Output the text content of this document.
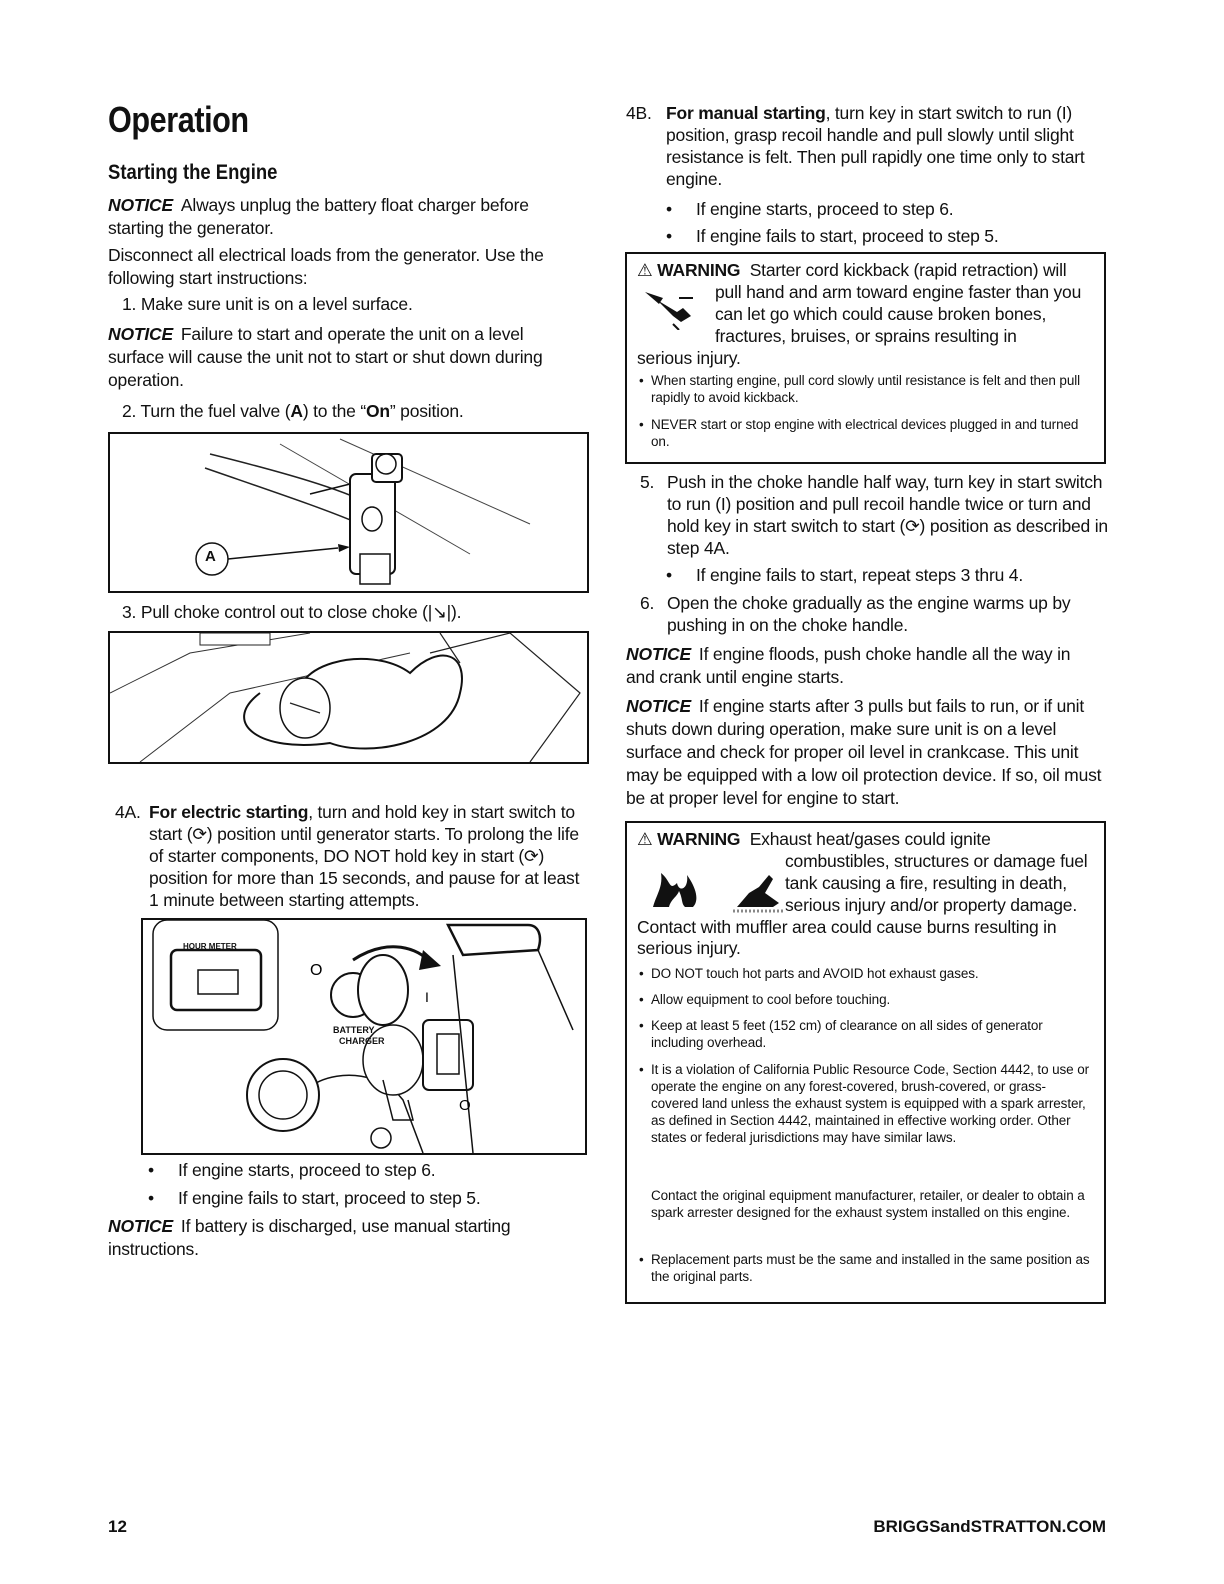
Operation
Starting the Engine
NOTICE Always unplug the battery float charger before starting the generator.
Disconnect all electrical loads from the generator. Use the following start instructions:
1. Make sure unit is on a level surface.
NOTICE Failure to start and operate the unit on a level surface will cause the unit not to start or shut down during operation.
2. Turn the fuel valve (A) to the “On” position.
A
3. Pull choke control out to close choke (|↘|).
4A. For electric starting, turn and hold key in start switch to start (⟳) position until generator starts. To prolong the life of starter components, DO NOT hold key in start (⟳) position for more than 15 seconds, and pause for at least 1 minute between starting attempts.
O
I
O
HOUR METER
BATTERY
CHARGER
• If engine starts, proceed to step 6.
• If engine fails to start, proceed to step 5.
NOTICE If battery is discharged, use manual starting instructions.
4B. For manual starting, turn key in start switch to run (I) position, grasp recoil handle and pull slowly until slight resistance is felt. Then pull rapidly one time only to start engine.
• If engine starts, proceed to step 6.
• If engine fails to start, proceed to step 5.
⚠ WARNING Starter cord kickback (rapid retraction) will
pull hand and arm toward engine faster than you
can let go which could cause broken bones,
fractures, bruises, or sprains resulting in
serious injury.
• When starting engine, pull cord slowly until resistance is felt and then pull rapidly to avoid kickback.
• NEVER start or stop engine with electrical devices plugged in and turned on.
5. Push in the choke handle half way, turn key in start switch to run (I) position and pull recoil handle twice or turn and hold key in start switch to start (⟳) position as described in step 4A.
• If engine fails to start, repeat steps 3 thru 4.
6. Open the choke gradually as the engine warms up by pushing in on the choke handle.
NOTICE If engine floods, push choke handle all the way in and crank until engine starts.
NOTICE If engine starts after 3 pulls but fails to run, or if unit shuts down during operation, make sure unit is on a level surface and check for proper oil level in crankcase. This unit may be equipped with a low oil protection device. If so, oil must be at proper level for engine to start.
⚠ WARNING Exhaust heat/gases could ignite
combustibles, structures or damage fuel
tank causing a fire, resulting in death,
serious injury and/or property damage.
Contact with muffler area could cause burns resulting in serious injury.
• DO NOT touch hot parts and AVOID hot exhaust gases.
• Allow equipment to cool before touching.
• Keep at least 5 feet (152 cm) of clearance on all sides of generator including overhead.
• It is a violation of California Public Resource Code, Section 4442, to use or operate the engine on any forest-covered, brush-covered, or grass-covered land unless the exhaust system is equipped with a spark arrester, as defined in Section 4442, maintained in effective working order. Other states or federal jurisdictions may have similar laws.
Contact the original equipment manufacturer, retailer, or dealer to obtain a spark arrester designed for the exhaust system installed on this engine.
• Replacement parts must be the same and installed in the same position as the original parts.
12	BRIGGSandSTRATTON.COM
